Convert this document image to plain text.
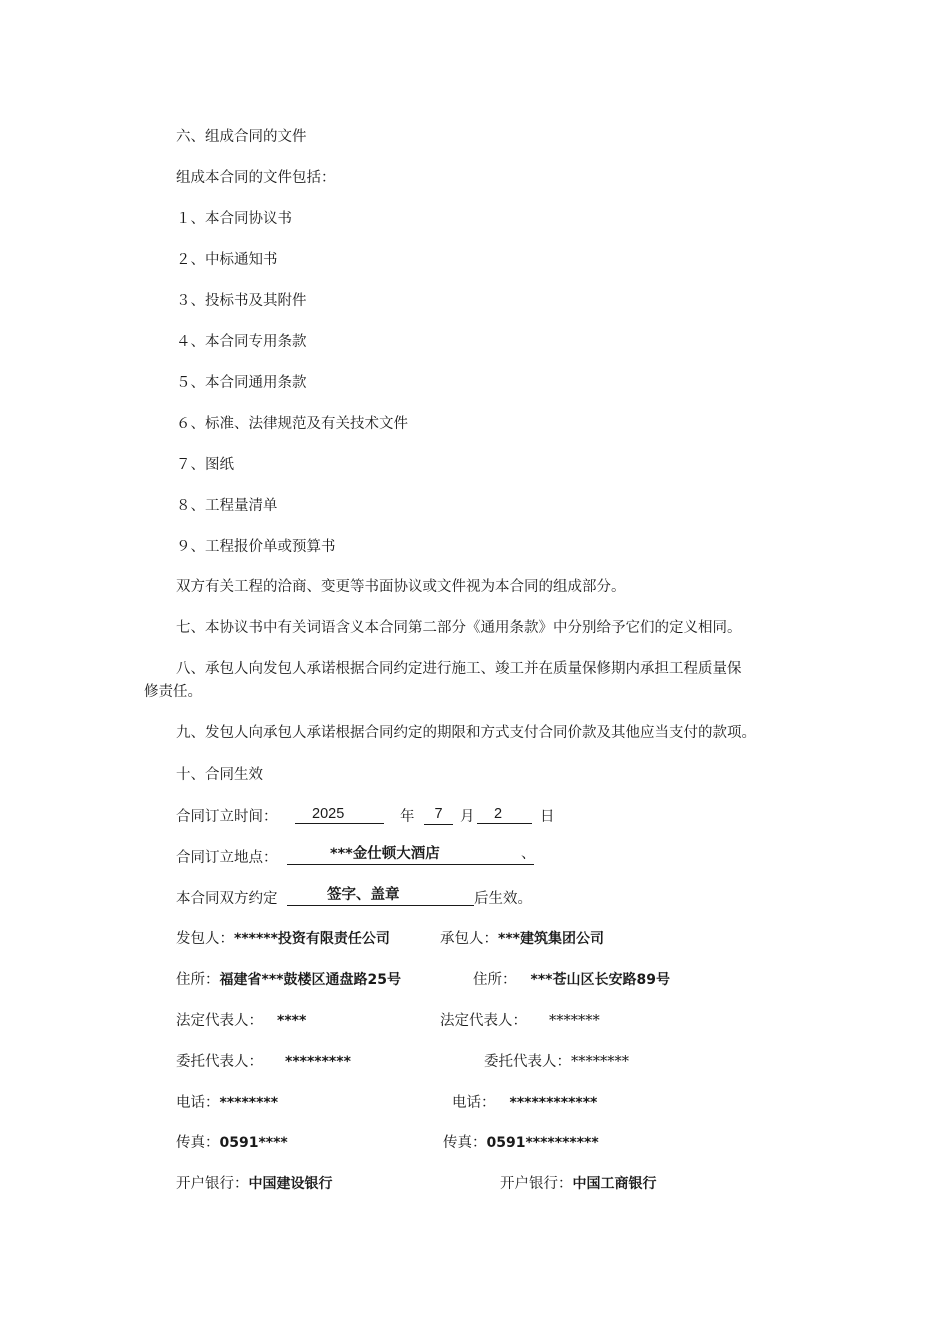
六、组成合同的文件
组成本合同的文件包括：
１、本合同协议书
２、中标通知书
３、投标书及其附件
４、本合同专用条款
５、本合同通用条款
６、标准、法律规范及有关技术文件
７、图纸
８、工程量清单
９、工程报价单或预算书
双方有关工程的洽商、变更等书面协议或文件视为本合同的组成部分。
七、本协议书中有关词语含义本合同第二部分《通用条款》中分别给予它们的定义相同。
八、承包人向发包人承诺根据合同约定进行施工、竣工并在质量保修期内承担工程质量保
修责任。
九、发包人向承包人承诺根据合同约定的期限和方式支付合同价款及其他应当支付的款项。
十、合同生效
合同订立时间：	2025	年	7	月	2	日
合同订立地点：	***金仕顿大酒店	、
本合同双方约定	签字、盖章	后生效。
发包人：******投资有限责任公司	承包人：***建筑集团公司
住所：福建省***鼓楼区通盘路25号	住所： ***苍山区长安路89号
法定代表人： ****	法定代表人： *******
委托代表人： *********	委托代表人：********
电话：********	电话： ************
传真：0591****	传真：0591**********
开户银行：中国建设银行	开户银行：中国工商银行
